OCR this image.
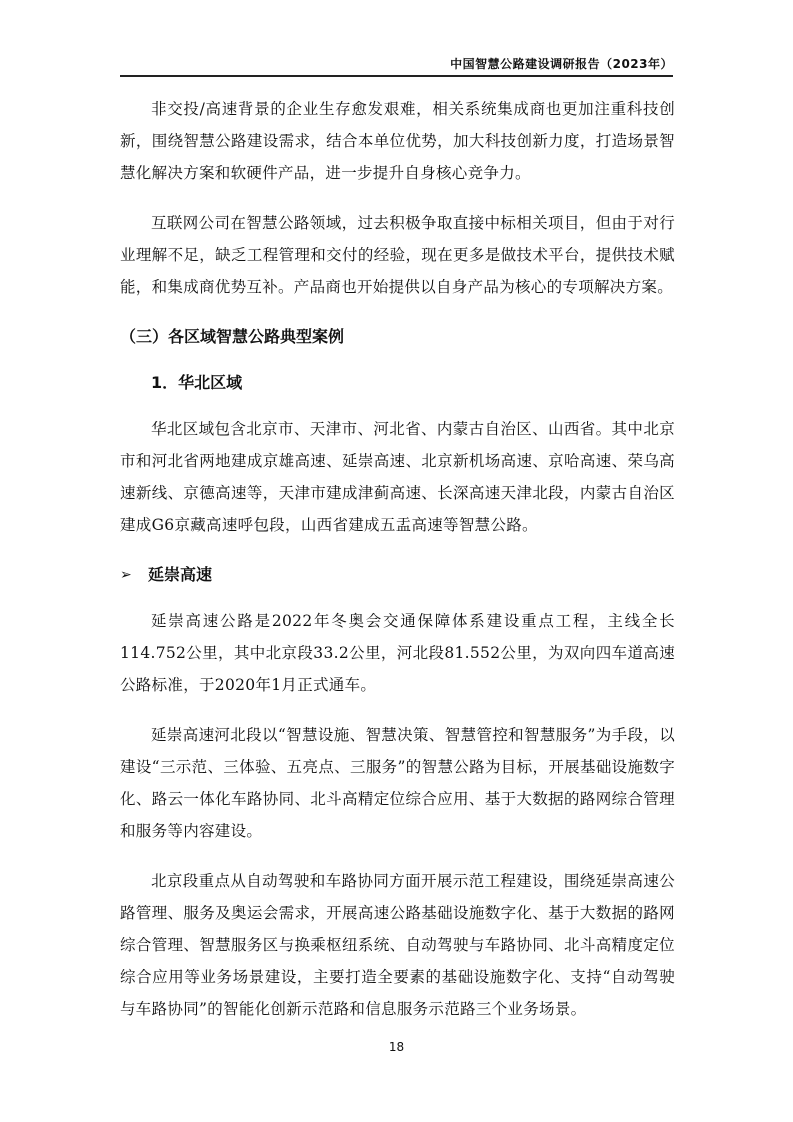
中国智慧公路建设调研报告（2023年）

非交投/高速背景的企业生存愈发艰难，相关系统集成商也更加注重科技创新，围绕智慧公路建设需求，结合本单位优势，加大科技创新力度，打造场景智慧化解决方案和软硬件产品，进一步提升自身核心竞争力。

互联网公司在智慧公路领域，过去积极争取直接中标相关项目，但由于对行业理解不足，缺乏工程管理和交付的经验，现在更多是做技术平台，提供技术赋能，和集成商优势互补。产品商也开始提供以自身产品为核心的专项解决方案。

（三）各区域智慧公路典型案例
1．华北区域

华北区域包含北京市、天津市、河北省、内蒙古自治区、山西省。其中北京市和河北省两地建成京雄高速、延崇高速、北京新机场高速、京哈高速、荣乌高速新线、京德高速等，天津市建成津蓟高速、长深高速天津北段，内蒙古自治区建成G6京藏高速呼包段，山西省建成五盂高速等智慧公路。

➢	延崇高速

延崇高速公路是2022年冬奥会交通保障体系建设重点工程，主线全长114.752公里，其中北京段33.2公里，河北段81.552公里，为双向四车道高速公路标准，于2020年1月正式通车。

延崇高速河北段以“智慧设施、智慧决策、智慧管控和智慧服务”为手段，以建设“三示范、三体验、五亮点、三服务”的智慧公路为目标，开展基础设施数字化、路云一体化车路协同、北斗高精定位综合应用、基于大数据的路网综合管理和服务等内容建设。

北京段重点从自动驾驶和车路协同方面开展示范工程建设，围绕延崇高速公路管理、服务及奥运会需求，开展高速公路基础设施数字化、基于大数据的路网综合管理、智慧服务区与换乘枢纽系统、自动驾驶与车路协同、北斗高精度定位综合应用等业务场景建设，主要打造全要素的基础设施数字化、支持“自动驾驶与车路协同”的智能化创新示范路和信息服务示范路三个业务场景。

18
